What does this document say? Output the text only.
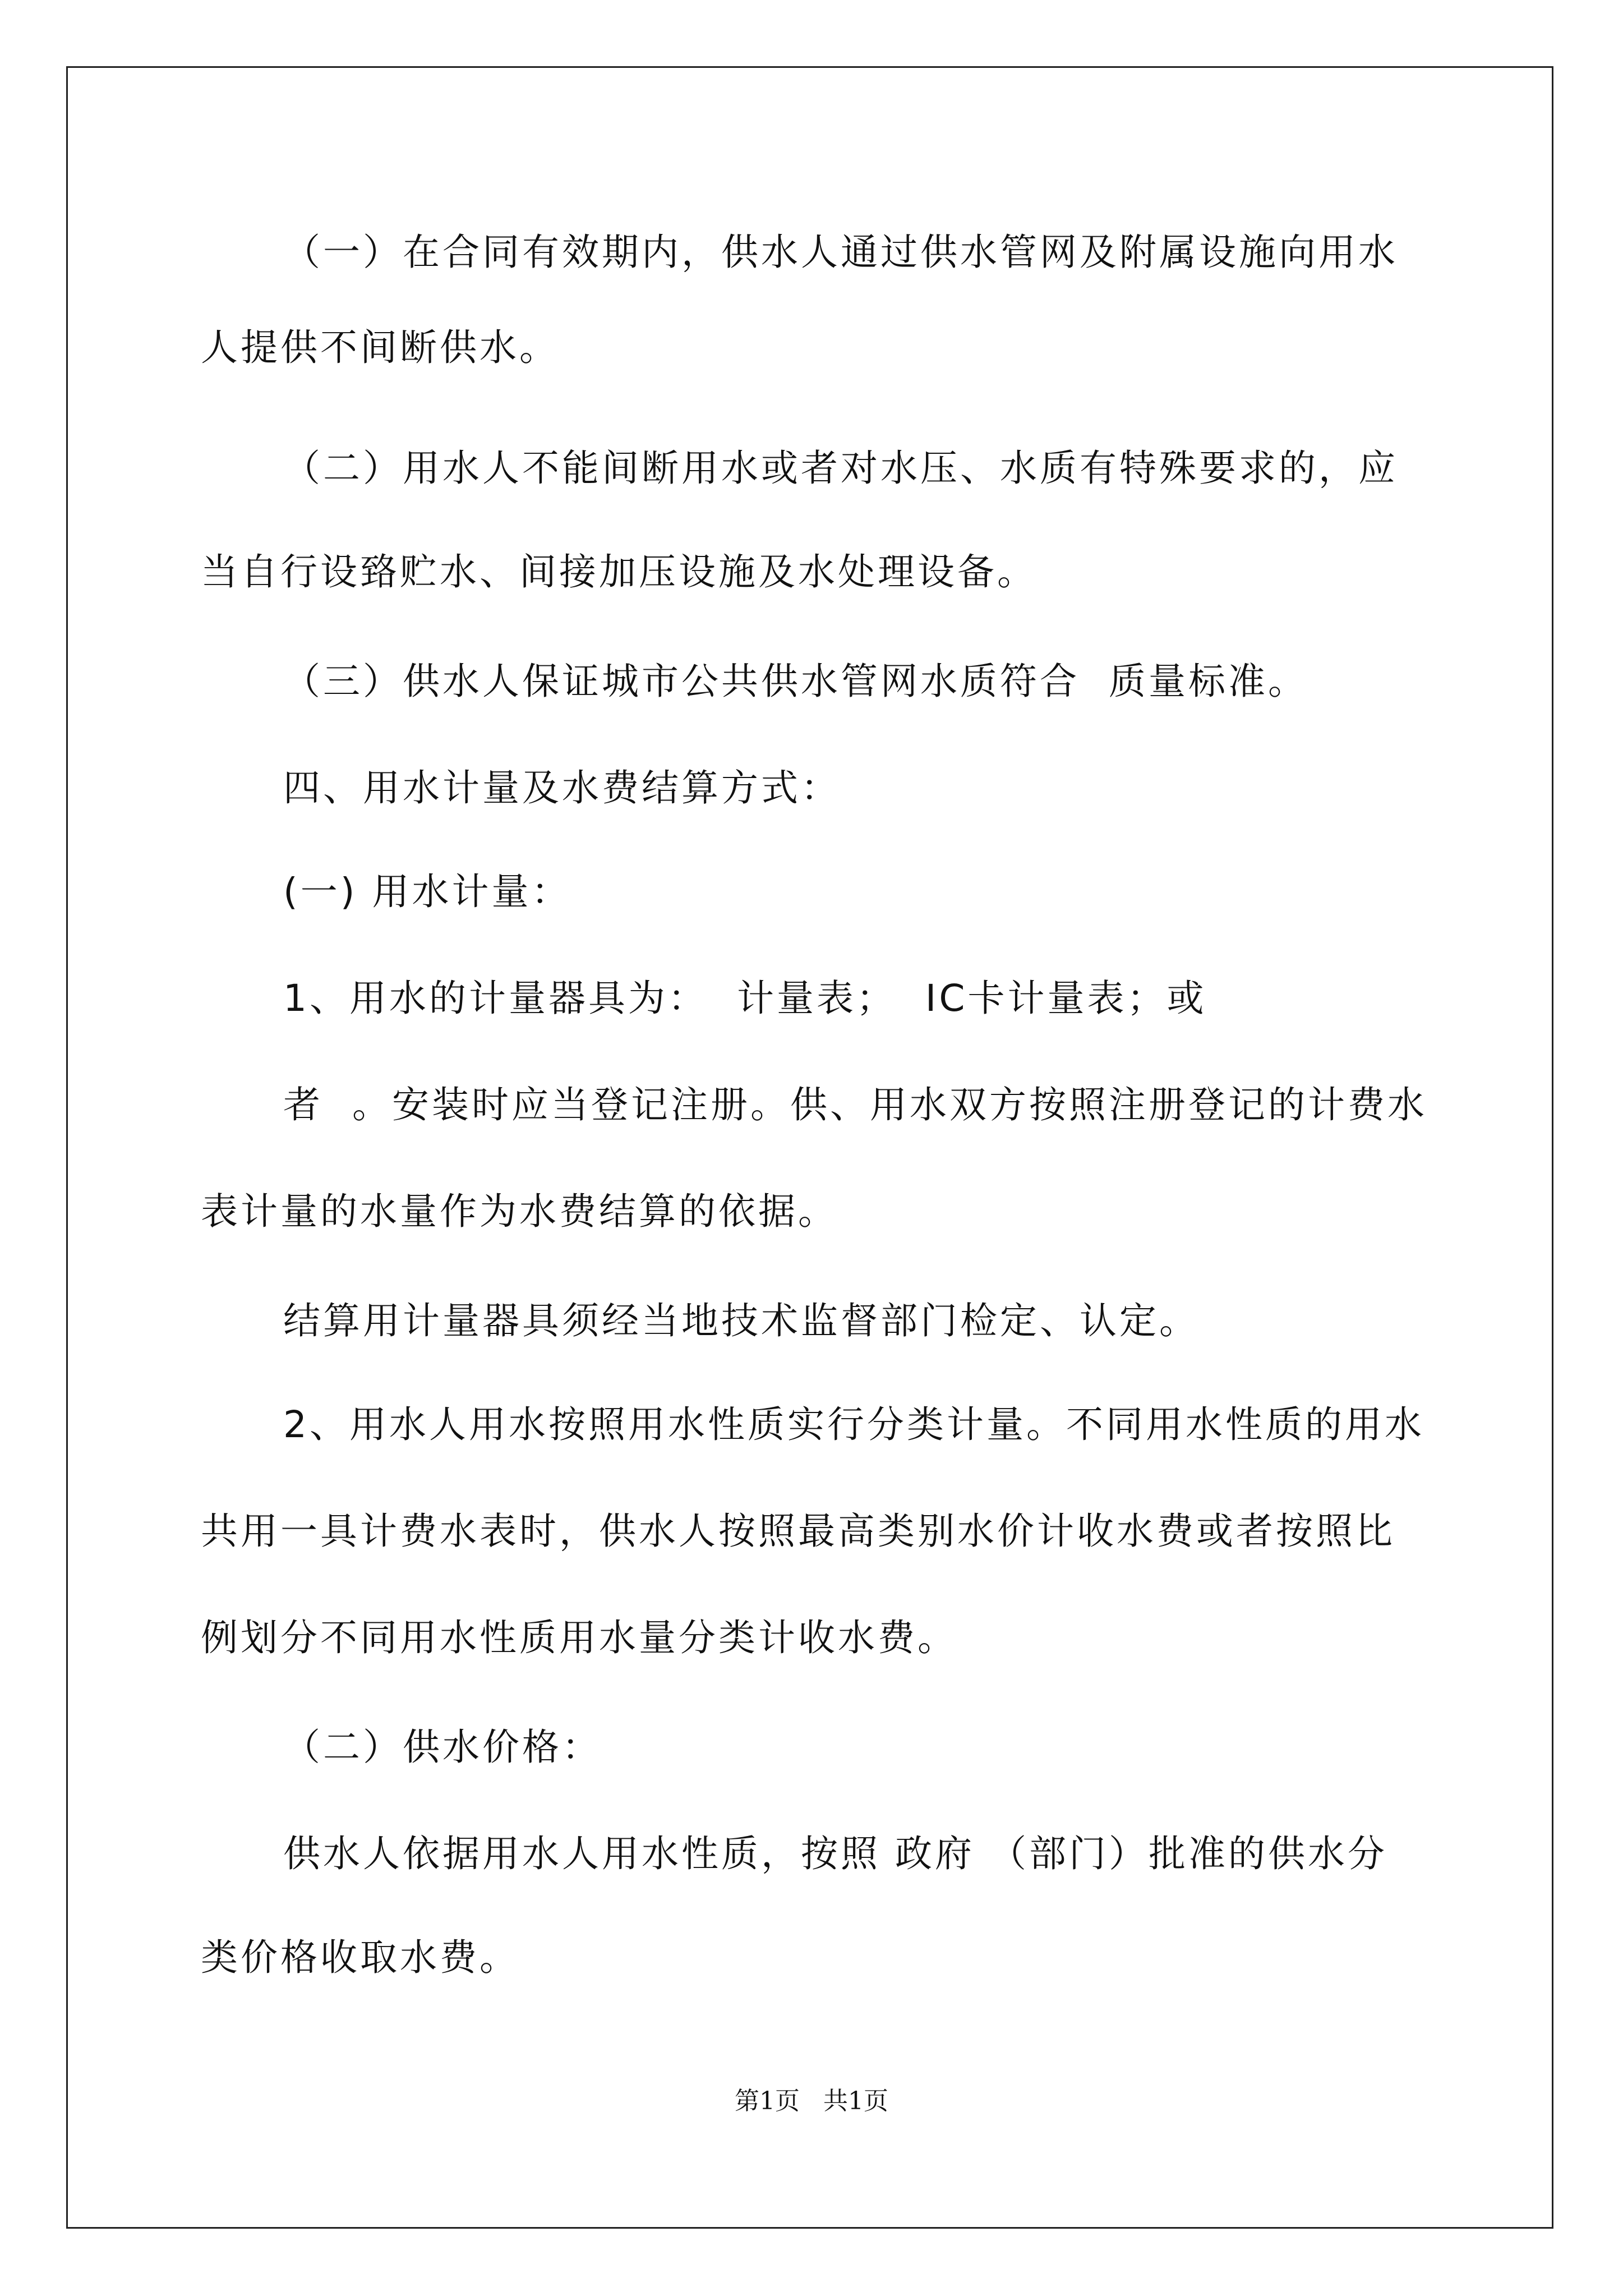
（一）在合同有效期内，供水人通过供水管网及附属设施向用水
人提供不间断供水。
（二）用水人不能间断用水或者对水压、水质有特殊要求的，应
当自行设臵贮水、间接加压设施及水处理设备。
（三）供水人保证城市公共供水管网水质符合  质量标准。
四、用水计量及水费结算方式：
(一) 用水计量：
1、用水的计量器具为：  计量表；  IC卡计量表；或
者  。安装时应当登记注册。供、用水双方按照注册登记的计费水
表计量的水量作为水费结算的依据。
结算用计量器具须经当地技术监督部门检定、认定。
2、用水人用水按照用水性质实行分类计量。不同用水性质的用水
共用一具计费水表时，供水人按照最高类别水价计收水费或者按照比
例划分不同用水性质用水量分类计收水费。
（二）供水价格：
供水人依据用水人用水性质，按照 政府 （部门）批准的供水分
类价格收取水费。
第1页   共1页
